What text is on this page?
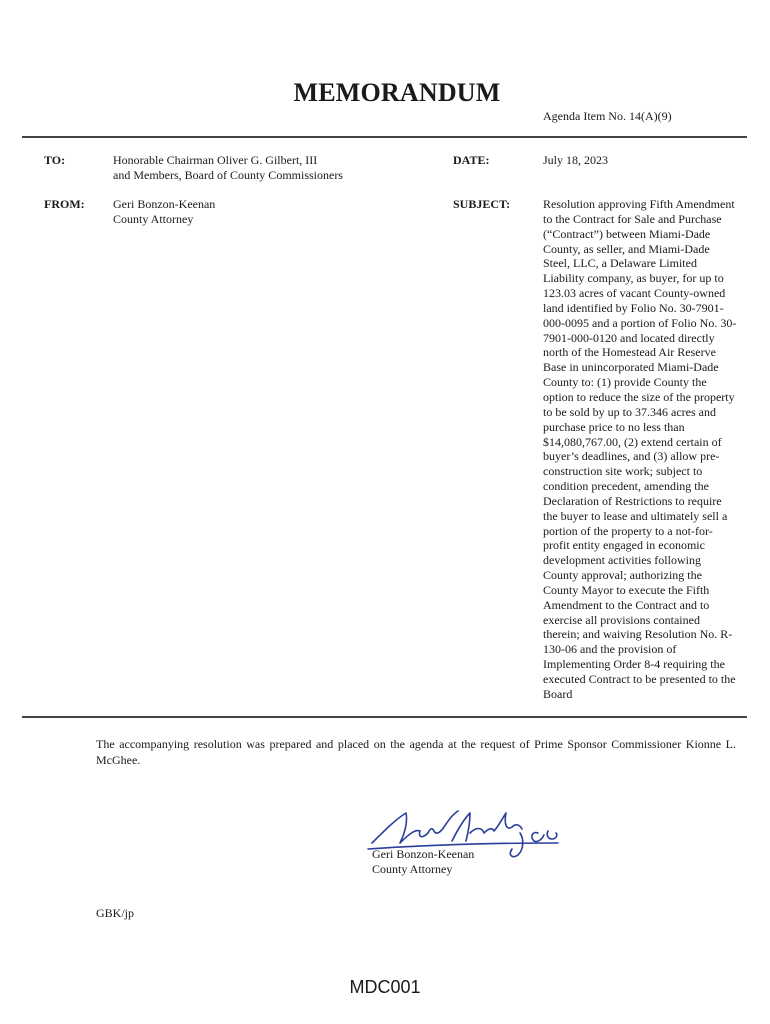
MEMORANDUM
Agenda Item No. 14(A)(9)
TO:	Honorable Chairman Oliver G. Gilbert, III
and Members, Board of County Commissioners
DATE:	July 18, 2023
FROM: Geri Bonzon-Keenan
County Attorney
SUBJECT:	Resolution approving Fifth Amendment
to the Contract for Sale and Purchase
(“Contract”) between Miami-Dade
County, as seller, and Miami-Dade
Steel, LLC, a Delaware Limited
Liability company, as buyer, for up to
123.03 acres of vacant County-owned
land identified by Folio No. 30-7901-
000-0095 and a portion of Folio No. 30-
7901-000-0120 and located directly
north of the Homestead Air Reserve
Base in unincorporated Miami-Dade
County to: (1) provide County the
option to reduce the size of the property
to be sold by up to 37.346 acres and
purchase price to no less than
$14,080,767.00, (2) extend certain of
buyer’s deadlines, and (3) allow pre-
construction site work; subject to
condition precedent, amending the
Declaration of Restrictions to require
the buyer to lease and ultimately sell a
portion of the property to a not-for-
profit entity engaged in economic
development activities following
County approval; authorizing the
County Mayor to execute the Fifth
Amendment to the Contract and to
exercise all provisions contained
therein; and waiving Resolution No. R-
130-06 and the provision of
Implementing Order 8-4 requiring the
executed Contract to be presented to the
Board
The accompanying resolution was prepared and placed on the agenda at the request of Prime Sponsor Commissioner Kionne L. McGhee.
Geri Bonzon-Keenan
County Attorney
GBK/jp
MDC001
